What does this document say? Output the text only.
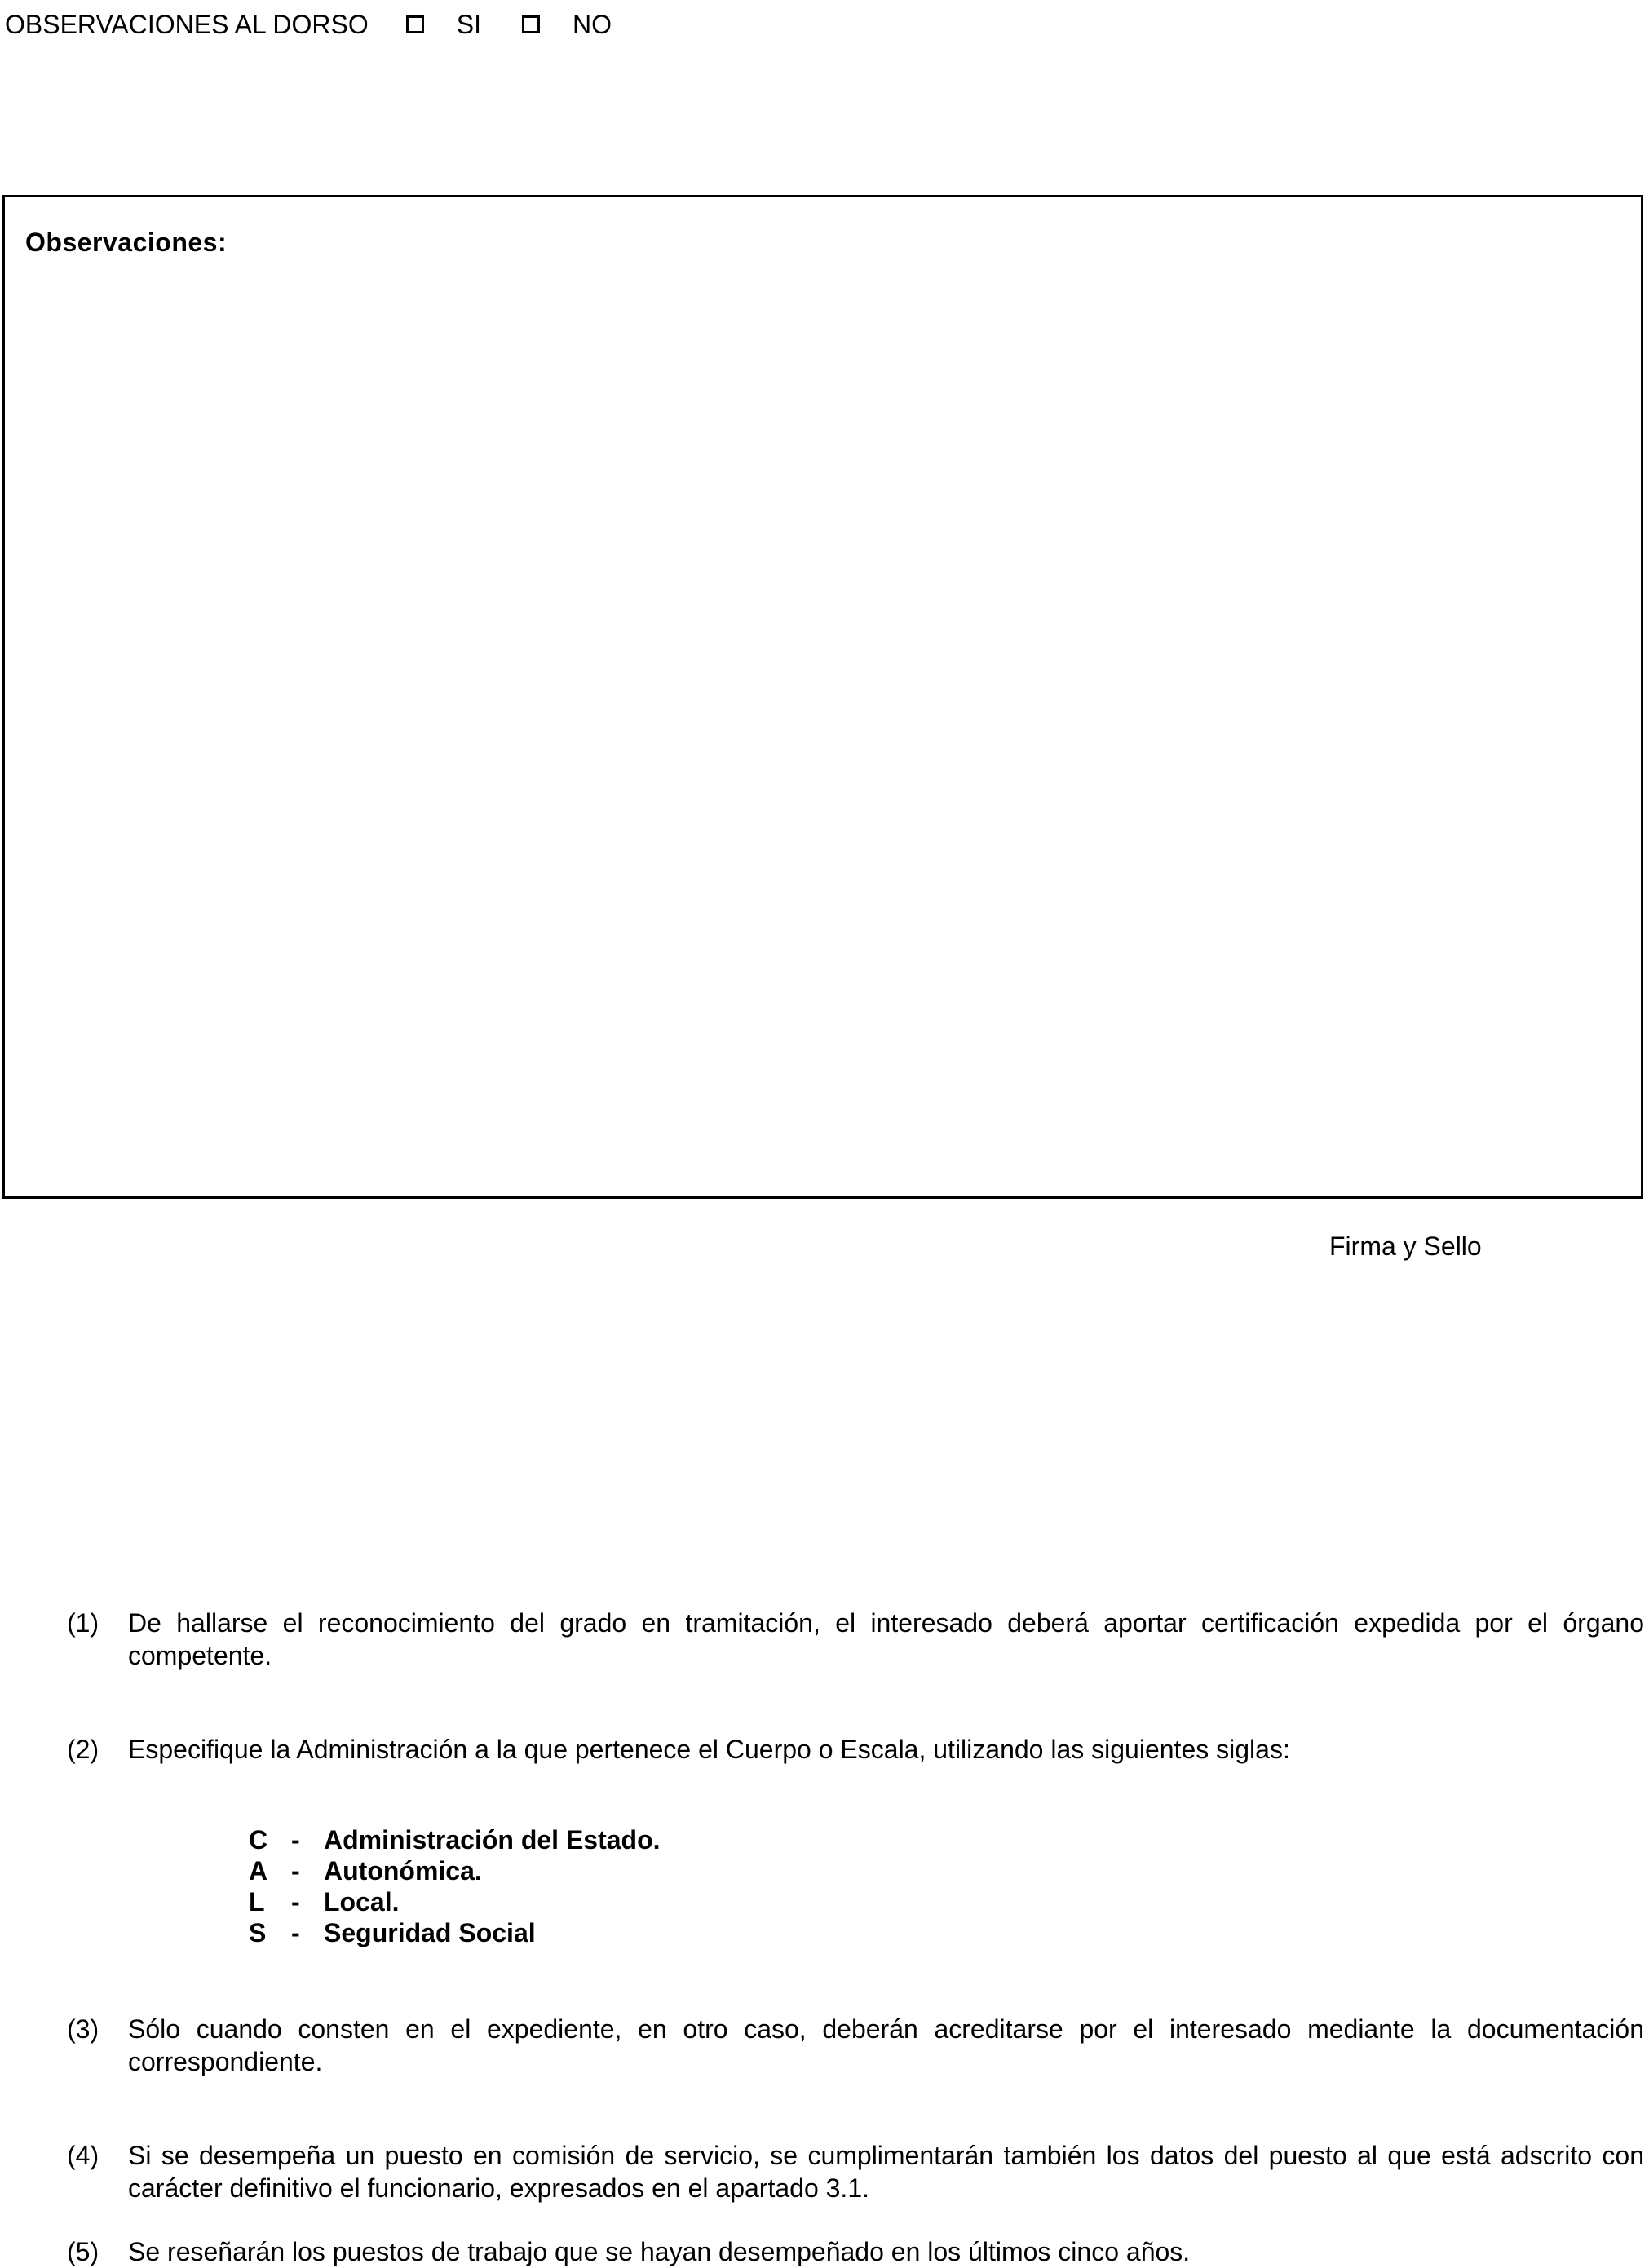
OBSERVACIONES AL DORSO	SI	NO
Observaciones:
Firma y Sello
(1) De hallarse el reconocimiento del grado en tramitación, el interesado deberá aportar certificación expedida por el órgano competente.
(2) Especifique la Administración a la que pertenece el Cuerpo o Escala, utilizando las siguientes siglas:
C - Administración del Estado.
A - Autonómica.
L	- Local.
S - Seguridad Social
(3) Sólo cuando consten en el expediente, en otro caso, deberán acreditarse por el interesado mediante la documentación correspondiente.
(4) Si se desempeña un puesto en comisión de servicio, se cumplimentarán también los datos del puesto al que está adscrito con carácter definitivo el funcionario, expresados en el apartado 3.1.
(5) Se reseñarán los puestos de trabajo que se hayan desempeñado en los últimos cinco años.
